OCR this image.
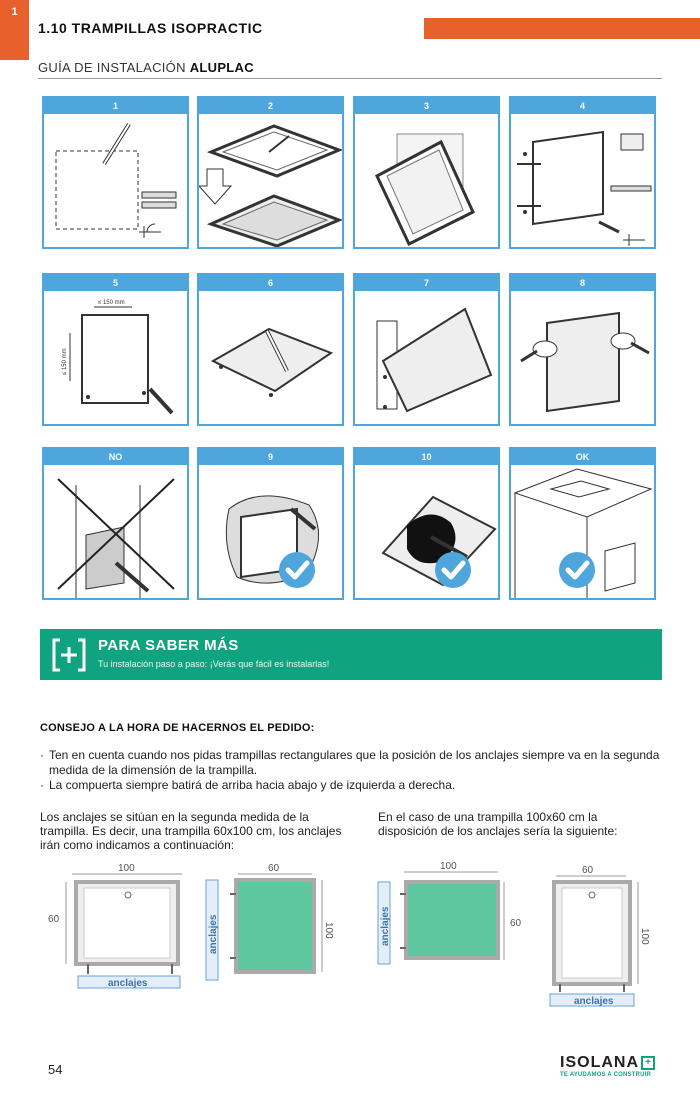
1
1.10 TRAMPILLAS ISOPRACTIC
GUÍA DE INSTALACIÓN ALUPLAC
1	2	3	4
5
≤ 150 mm
≤ 150 mm
6	7	8
NO	9	10	OK
PARA SABER MÁS
Tu instalación paso a paso: ¡Verás que fácil es instalarlas!
CONSEJO A LA HORA DE HACERNOS EL PEDIDO:
· Ten en cuenta cuando nos pidas trampillas rectangulares que la posición de los anclajes siempre va en la segunda medida de la dimensión de la trampilla.
· La compuerta siempre batirá de arriba hacia abajo y de izquierda a derecha.
Los anclajes se sitúan en la segunda medida de la trampilla. Es decir, una trampilla 60x100 cm, los anclajes irán como indicamos a continuación:
En el caso de una trampilla 100x60 cm la disposición de los anclajes sería la siguiente:
100
60
anclajes
60
100
anclajes
100
60
anclajes
60
100
anclajes
54	ISOLANA +
TE AYUDAMOS A CONSTRUIR
